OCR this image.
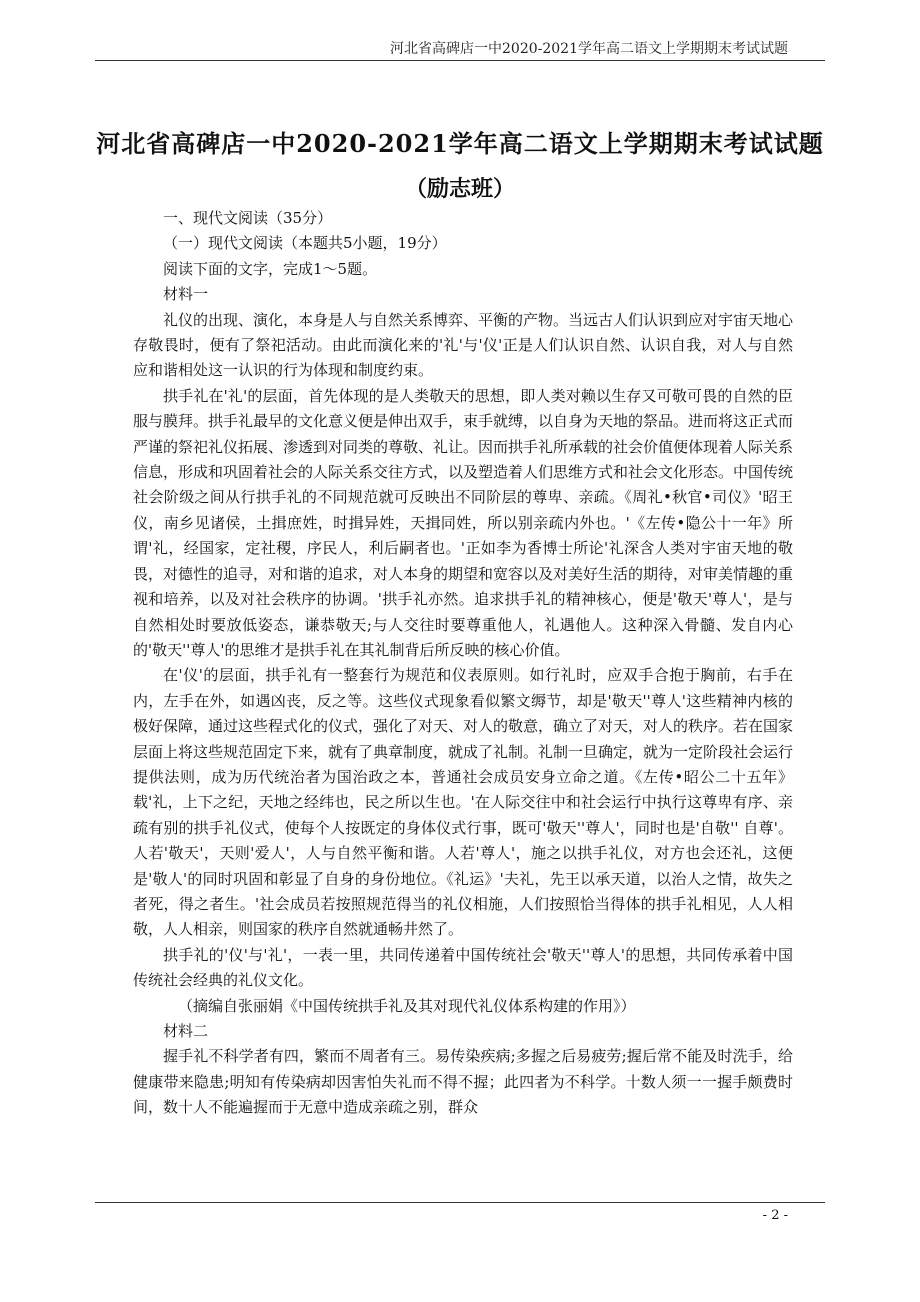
河北省高碑店一中2020-2021学年高二语文上学期期末考试试题
河北省高碑店一中2020-2021学年高二语文上学期期末考试试题
（励志班）

一、现代文阅读（35分）

（一）现代文阅读（本题共5小题，19分）

阅读下面的文字，完成1～5题。

材料一

礼仪的出现、演化，本身是人与自然关系博弈、平衡的产物。当远古人们认识到应对宇宙天地心存敬畏时，便有了祭祀活动。由此而演化来的'礼'与'仪'正是人们认识自然、认识自我，对人与自然应和谐相处这一认识的行为体现和制度约束。

拱手礼在'礼'的层面，首先体现的是人类敬天的思想，即人类对赖以生存又可敬可畏的自然的臣服与膜拜。拱手礼最早的文化意义便是伸出双手，束手就缚，以自身为天地的祭品。进而将这正式而严谨的祭祀礼仪拓展、渗透到对同类的尊敬、礼让。因而拱手礼所承载的社会价值便体现着人际关系信息，形成和巩固着社会的人际关系交往方式，以及塑造着人们思维方式和社会文化形态。中国传统社会阶级之间从行拱手礼的不同规范就可反映出不同阶层的尊卑、亲疏。《周礼•秋官•司仪》'昭王仪，南乡见诸侯，土揖庶姓，时揖异姓，天揖同姓，所以别亲疏内外也。'《左传•隐公十一年》所谓'礼，经国家，定社稷，序民人，利后嗣者也。'正如李为香博士所论'礼深含人类对宇宙天地的敬畏，对德性的追寻，对和谐的追求，对人本身的期望和宽容以及对美好生活的期待，对审美情趣的重视和培养，以及对社会秩序的协调。'拱手礼亦然。追求拱手礼的精神核心，便是'敬天'尊人'，是与自然相处时要放低姿态，谦恭敬天;与人交往时要尊重他人，礼遇他人。这种深入骨髓、发自内心的'敬天''尊人'的思维才是拱手礼在其礼制背后所反映的核心价值。

在'仪'的层面，拱手礼有一整套行为规范和仪表原则。如行礼时，应双手合抱于胸前，右手在内，左手在外，如遇凶丧，反之等。这些仪式现象看似繁文缛节，却是'敬天''尊人'这些精神内核的极好保障，通过这些程式化的仪式，强化了对天、对人的敬意，确立了对天，对人的秩序。若在国家层面上将这些规范固定下来，就有了典章制度，就成了礼制。礼制一旦确定，就为一定阶段社会运行提供法则，成为历代统治者为国治政之本，普通社会成员安身立命之道。《左传•昭公二十五年》载'礼，上下之纪，天地之经纬也，民之所以生也。'在人际交往中和社会运行中执行这尊卑有序、亲疏有别的拱手礼仪式，使每个人按既定的身体仪式行事，既可'敬天''尊人'，同时也是'自敬'' 自尊'。人若'敬天'，天则'爱人'，人与自然平衡和谐。人若'尊人'，施之以拱手礼仪，对方也会还礼，这便是'敬人'的同时巩固和彰显了自身的身份地位。《礼运》'夫礼，先王以承天道，以治人之情，故失之者死，得之者生。'社会成员若按照规范得当的礼仪相施，人们按照恰当得体的拱手礼相见，人人相敬，人人相亲，则国家的秩序自然就通畅井然了。

拱手礼的'仪'与'礼'，一表一里，共同传递着中国传统社会'敬天''尊人'的思想，共同传承着中国传统社会经典的礼仪文化。

（摘编自张丽娟《中国传统拱手礼及其对现代礼仪体系构建的作用》）

材料二

握手礼不科学者有四，繁而不周者有三。易传染疾病;多握之后易疲劳;握后常不能及时洗手，给健康带来隐患;明知有传染病却因害怕失礼而不得不握；此四者为不科学。十数人须一一握手颇费时间，数十人不能遍握而于无意中造成亲疏之别，群众

- 2 -
